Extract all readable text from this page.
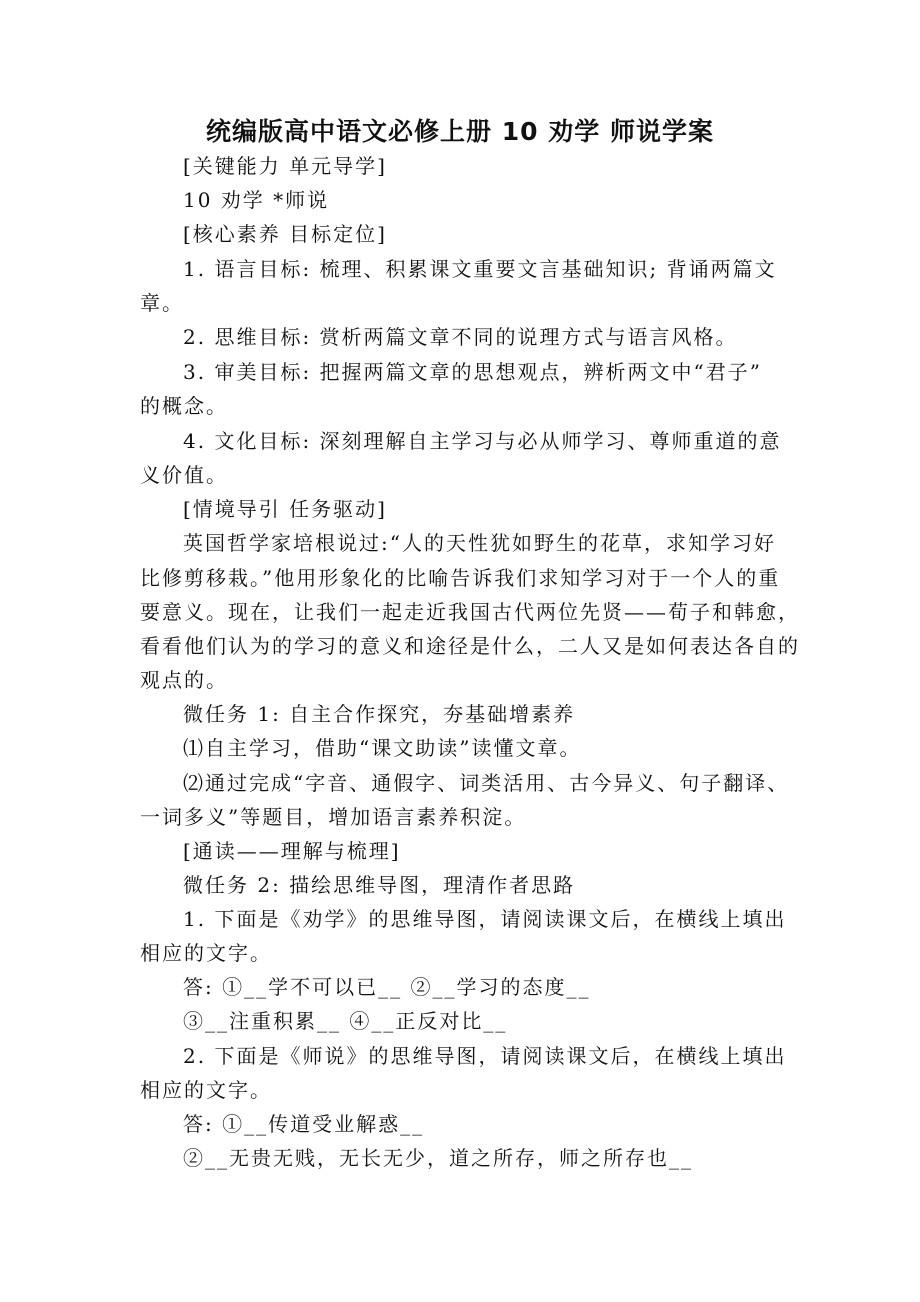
统编版高中语文必修上册 10 劝学 师说学案
[关键能力 单元导学]
10 劝学 *师说
[核心素养 目标定位]
1. 语言目标: 梳理、积累课文重要文言基础知识; 背诵两篇文
章。
2. 思维目标: 赏析两篇文章不同的说理方式与语言风格。
3. 审美目标: 把握两篇文章的思想观点，辨析两文中“君子”
的概念。
4. 文化目标: 深刻理解自主学习与必从师学习、尊师重道的意
义价值。
[情境导引 任务驱动]
英国哲学家培根说过:“人的天性犹如野生的花草，求知学习好
比修剪移栽。”他用形象化的比喻告诉我们求知学习对于一个人的重
要意义。现在，让我们一起走近我国古代两位先贤——荀子和韩愈，
看看他们认为的学习的意义和途径是什么，二人又是如何表达各自的
观点的。
微任务 1: 自主合作探究，夯基础增素养
⑴自主学习，借助“课文助读”读懂文章。
⑵通过完成“字音、通假字、词类活用、古今异义、句子翻译、
一词多义”等题目，增加语言素养积淀。
[通读——理解与梳理]
微任务 2: 描绘思维导图，理清作者思路
1. 下面是《劝学》的思维导图，请阅读课文后，在横线上填出
相应的文字。
答: ①__学不可以已__ ②__学习的态度__
③__注重积累__ ④__正反对比__
2. 下面是《师说》的思维导图，请阅读课文后，在横线上填出
相应的文字。
答: ①__传道受业解惑__
②__无贵无贱，无长无少，道之所存，师之所存也__
